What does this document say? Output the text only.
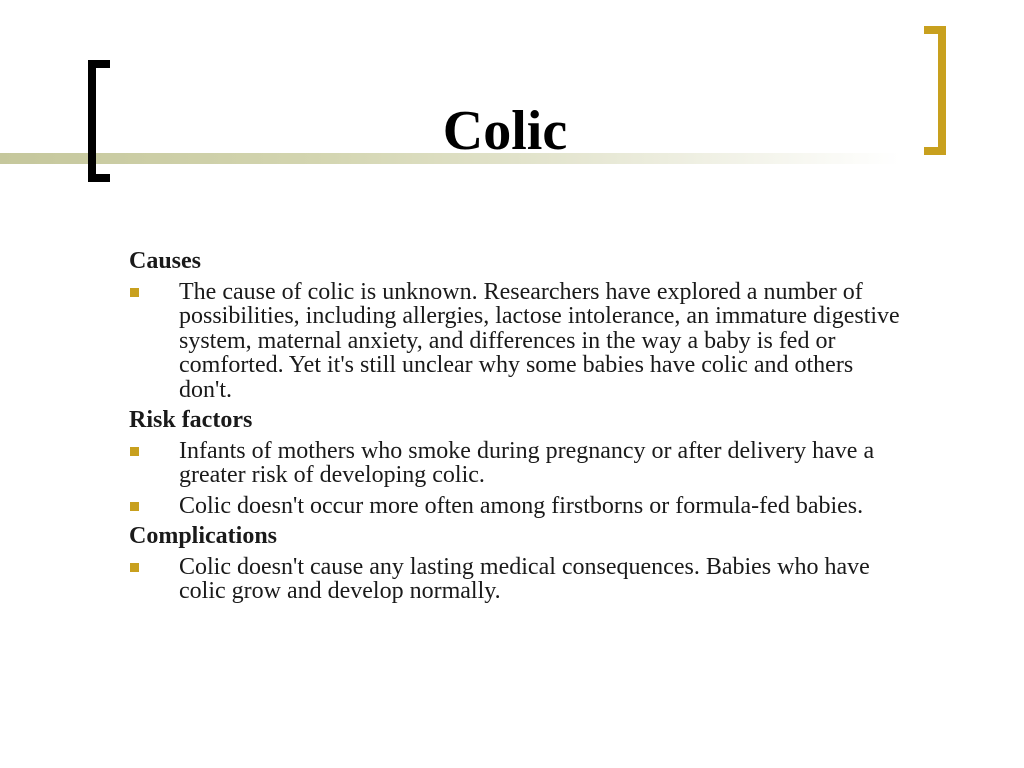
Colic
Causes
The cause of colic is unknown. Researchers have explored a number of possibilities, including allergies, lactose intolerance, an immature digestive system, maternal anxiety, and differences in the way a baby is fed or comforted. Yet it's still unclear why some babies have colic and others don't.
Risk factors
Infants of mothers who smoke during pregnancy or after delivery have a greater risk of developing colic.
Colic doesn't occur more often among firstborns or formula-fed babies.
Complications
Colic doesn't cause any lasting medical consequences. Babies who have colic grow and develop normally.
